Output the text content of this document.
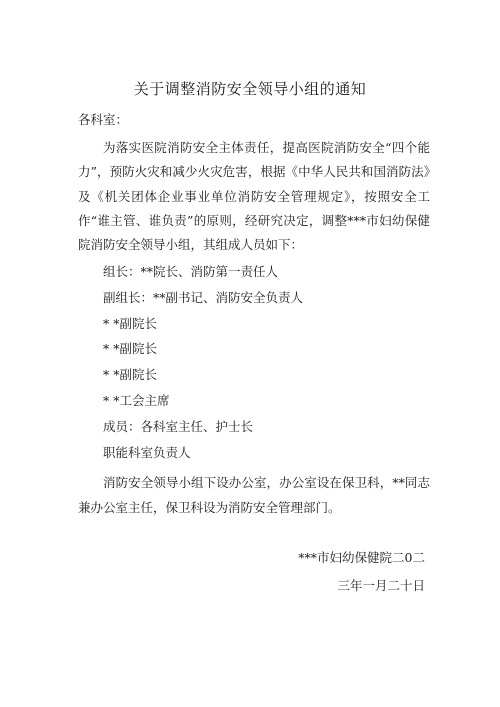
关于调整消防安全领导小组的通知
各科室：

为落实医院消防安全主体责任，提高医院消防安全“四个能力”，预防火灾和减少火灾危害，根据《中华人民共和国消防法》及《机关团体企业事业单位消防安全管理规定》，按照安全工作“谁主管、谁负责”的原则，经研究决定，调整***市妇幼保健院消防安全领导小组，其组成人员如下：

组长：**院长、消防第一责任人
副组长：**副书记、消防安全负责人
* *副院长
* *副院长
* *副院长
* *工会主席
成员：各科室主任、护士长
职能科室负责人

消防安全领导小组下设办公室，办公室设在保卫科，**同志兼办公室主任，保卫科设为消防安全管理部门。

***市妇幼保健院二0二
三年一月二十日
